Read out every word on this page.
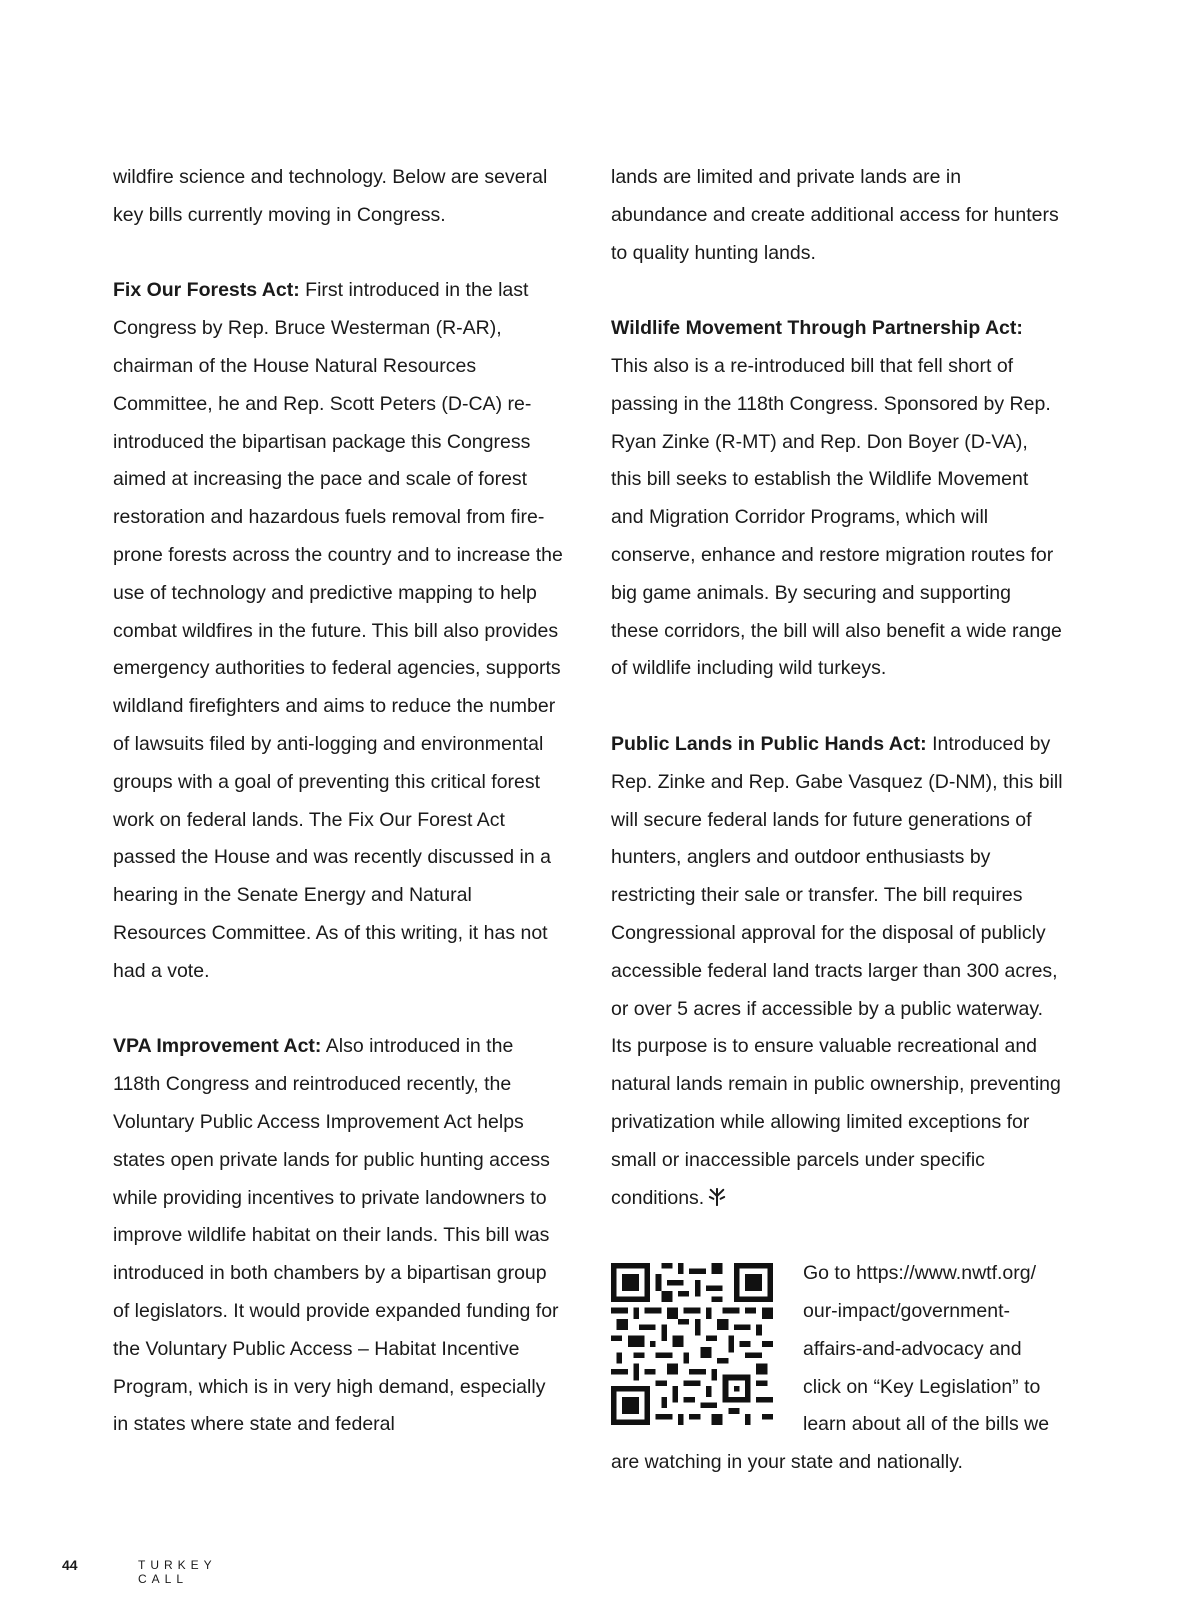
wildfire science and technology. Below are several key bills currently moving in Congress.

Fix Our Forests Act: First introduced in the last Congress by Rep. Bruce Westerman (R-AR), chairman of the House Natural Resources Committee, he and Rep. Scott Peters (D-CA) re-introduced the bipartisan package this Congress aimed at increasing the pace and scale of forest restoration and hazardous fuels removal from fire-prone forests across the country and to increase the use of technology and predictive mapping to help combat wildfires in the future. This bill also provides emergency authorities to federal agencies, supports wildland firefighters and aims to reduce the number of lawsuits filed by anti-logging and environmental groups with a goal of preventing this critical forest work on federal lands. The Fix Our Forest Act passed the House and was recently discussed in a hearing in the Senate Energy and Natural Resources Committee. As of this writing, it has not had a vote.

VPA Improvement Act: Also introduced in the 118th Congress and reintroduced recently, the Voluntary Public Access Improvement Act helps states open private lands for public hunting access while providing incentives to private landowners to improve wildlife habitat on their lands. This bill was introduced in both chambers by a bipartisan group of legislators. It would provide expanded funding for the Voluntary Public Access – Habitat Incentive Program, which is in very high demand, especially in states where state and federal

lands are limited and private lands are in abundance and create additional access for hunters to quality hunting lands.

Wildlife Movement Through Partnership Act:
This also is a re-introduced bill that fell short of passing in the 118th Congress. Sponsored by Rep. Ryan Zinke (R-MT) and Rep. Don Boyer (D-VA), this bill seeks to establish the Wildlife Movement and Migration Corridor Programs, which will conserve, enhance and restore migration routes for big game animals. By securing and supporting these corridors, the bill will also benefit a wide range of wildlife including wild turkeys.

Public Lands in Public Hands Act: Introduced by Rep. Zinke and Rep. Gabe Vasquez (D-NM), this bill will secure federal lands for future generations of hunters, anglers and outdoor enthusiasts by restricting their sale or transfer. The bill requires Congressional approval for the disposal of publicly accessible federal land tracts larger than 300 acres, or over 5 acres if accessible by a public waterway. Its purpose is to ensure valuable recreational and natural lands remain in public ownership, preventing privatization while allowing limited exceptions for small or inaccessible parcels under specific conditions.

Go to https://www.nwtf.org/
our-impact/government-
affairs-and-advocacy and
click on “Key Legislation” to
learn about all of the bills we
are watching in your state and nationally.
44	TURKEY CALL
